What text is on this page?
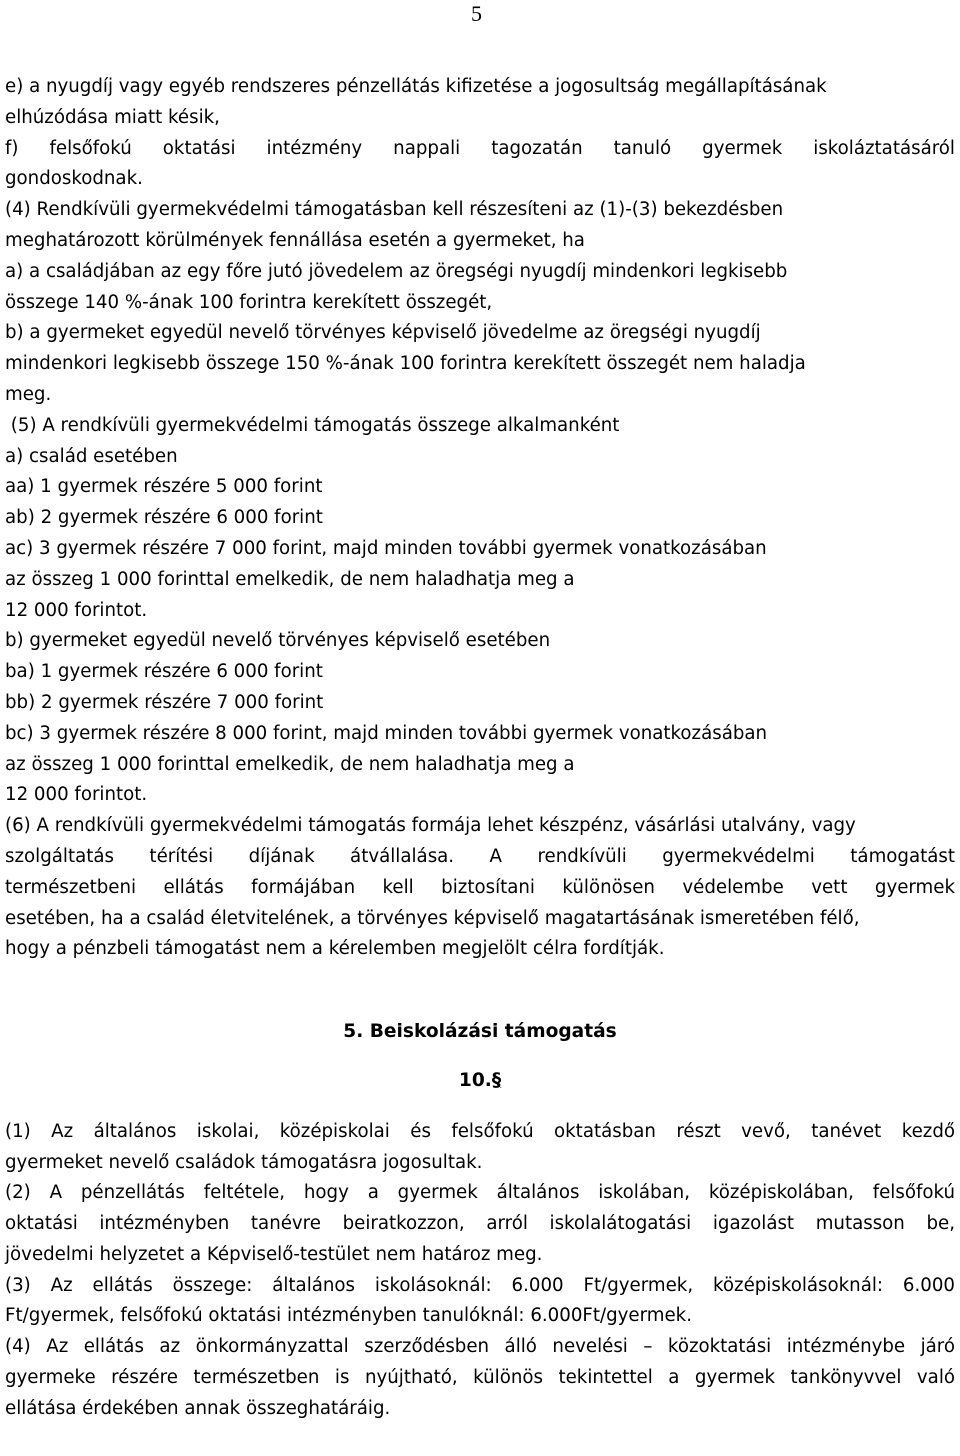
5
e) a nyugdíj vagy egyéb rendszeres pénzellátás kifizetése a jogosultság megállapításának
elhúzódása miatt késik,
f) felsőfokú oktatási intézmény nappali tagozatán tanuló gyermek iskoláztatásáról
gondoskodnak.
(4) Rendkívüli gyermekvédelmi támogatásban kell részesíteni az (1)-(3) bekezdésben
meghatározott körülmények fennállása esetén a gyermeket, ha
a) a családjában az egy főre jutó jövedelem az öregségi nyugdíj mindenkori legkisebb
összege 140 %-ának 100 forintra kerekített összegét,
b) a gyermeket egyedül nevelő törvényes képviselő jövedelme az öregségi nyugdíj
mindenkori legkisebb összege 150 %-ának 100 forintra kerekített összegét nem haladja
meg.
(5) A rendkívüli gyermekvédelmi támogatás összege alkalmanként
a) család esetében
aa) 1 gyermek részére 5 000 forint
ab) 2 gyermek részére 6 000 forint
ac) 3 gyermek részére 7 000 forint, majd minden további gyermek vonatkozásában
az összeg 1 000 forinttal emelkedik, de nem haladhatja meg a
12 000 forintot.
b) gyermeket egyedül nevelő törvényes képviselő esetében
ba) 1 gyermek részére 6 000 forint
bb) 2 gyermek részére 7 000 forint
bc) 3 gyermek részére 8 000 forint, majd minden további gyermek vonatkozásában
az összeg 1 000 forinttal emelkedik, de nem haladhatja meg a
12 000 forintot.
(6) A rendkívüli gyermekvédelmi támogatás formája lehet készpénz, vásárlási utalvány, vagy
szolgáltatás térítési díjának átvállalása. A rendkívüli gyermekvédelmi támogatást
természetbeni ellátás formájában kell biztosítani különösen védelembe vett gyermek
esetében, ha a család életvitelének, a törvényes képviselő magatartásának ismeretében félő,
hogy a pénzbeli támogatást nem a kérelemben megjelölt célra fordítják.
5. Beiskolázási támogatás
10.§
(1) Az általános iskolai, középiskolai és felsőfokú oktatásban részt vevő, tanévet kezdő
gyermeket nevelő családok támogatásra jogosultak.
(2) A pénzellátás feltétele, hogy a gyermek általános iskolában, középiskolában, felsőfokú
oktatási intézményben tanévre beiratkozzon, arról iskolalátogatási igazolást mutasson be,
jövedelmi helyzetet a Képviselő-testület nem határoz meg.
(3) Az ellátás összege: általános iskolásoknál: 6.000 Ft/gyermek, középiskolásoknál: 6.000
Ft/gyermek, felsőfokú oktatási intézményben tanulóknál: 6.000Ft/gyermek.
(4) Az ellátás az önkormányzattal szerződésben álló nevelési – közoktatási intézménybe járó
gyermeke részére természetben is nyújtható, különös tekintettel a gyermek tankönyvvel való
ellátása érdekében annak összeghatáráig.
